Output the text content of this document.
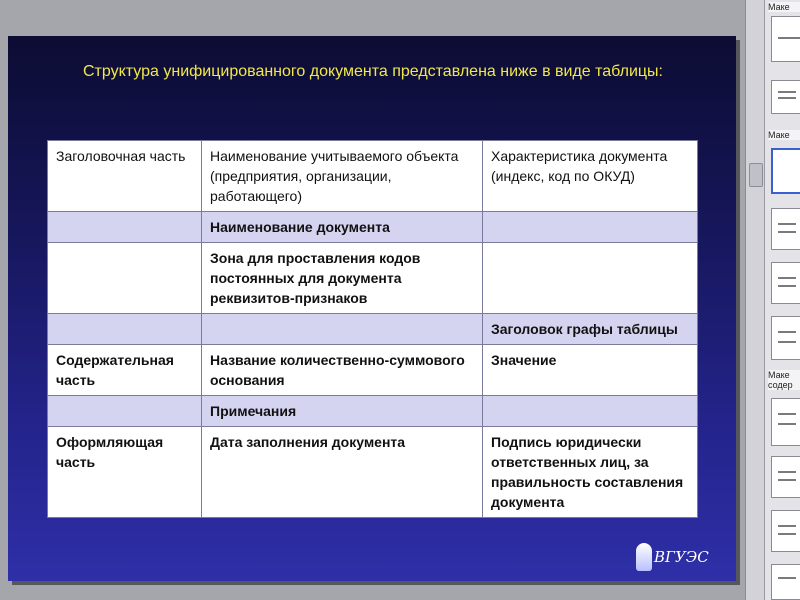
Структура унифицированного документа представлена ниже в виде таблицы:
Заголовочная часть	Наименование учитываемого объекта (предприятия, организации, работающего)	Характеристика документа (индекс, код по ОКУД)
	Наименование документа	
	Зона для проставления кодов постоянных для документа реквизитов-признаков	
		Заголовок графы таблицы
Содержательная часть	Название количественно-суммового основания	Значение
	Примечания	
Оформляющая часть	Дата заполнения документа	Подпись юридически ответственных лиц, за правильность составления документа
ВГУЭС
Маке
Маке
Маке содер
